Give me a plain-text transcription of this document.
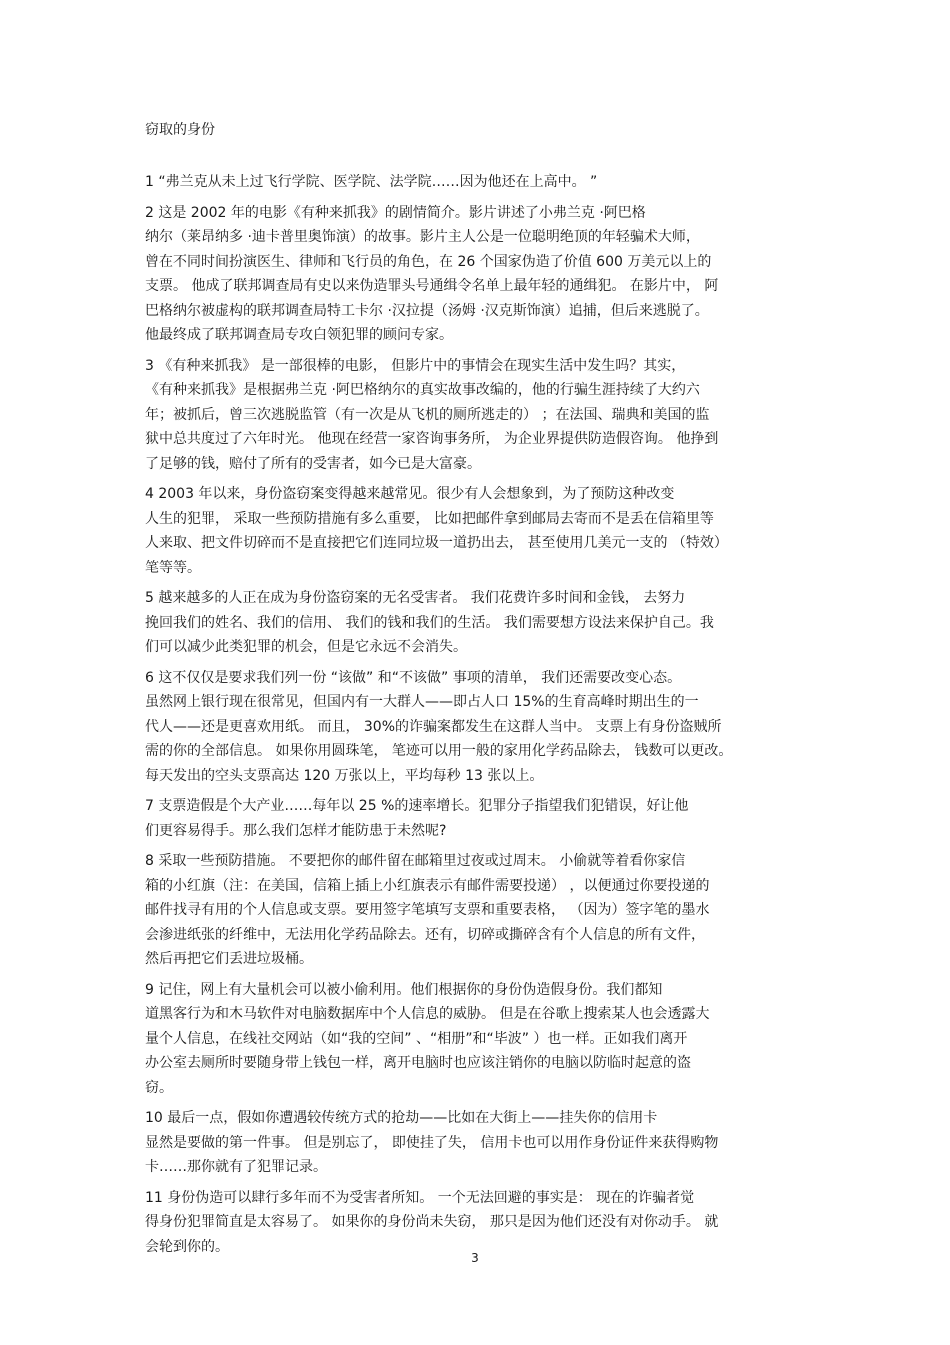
窃取的身份
1 “弗兰克从未上过飞行学院、医学院、法学院……因为他还在上高中。 ”
2 这是 2002 年的电影《有种来抓我》的剧情简介。影片讲述了小弗兰克 ·阿巴格
纳尔（莱昂纳多 ·迪卡普里奥饰演）的故事。影片主人公是一位聪明绝顶的年轻骗术大师，
曾在不同时间扮演医生、律师和飞行员的角色，在 26 个国家伪造了价值 600 万美元以上的
支票。 他成了联邦调查局有史以来伪造罪头号通缉令名单上最年轻的通缉犯。 在影片中， 阿
巴格纳尔被虚构的联邦调查局特工卡尔 ·汉拉提（汤姆 ·汉克斯饰演）追捕，但后来逃脱了。
他最终成了联邦调查局专攻白领犯罪的顾问专家。
3 《有种来抓我》 是一部很棒的电影， 但影片中的事情会在现实生活中发生吗？其实，
《有种来抓我》是根据弗兰克 ·阿巴格纳尔的真实故事改编的，他的行骗生涯持续了大约六
年；被抓后，曾三次逃脱监管（有一次是从飞机的厕所逃走的） ；在法国、瑞典和美国的监
狱中总共度过了六年时光。 他现在经营一家咨询事务所， 为企业界提供防造假咨询。 他挣到
了足够的钱，赔付了所有的受害者，如今已是大富豪。
4 2003 年以来，身份盗窃案变得越来越常见。很少有人会想象到，为了预防这种改变
人生的犯罪， 采取一些预防措施有多么重要， 比如把邮件拿到邮局去寄而不是丢在信箱里等
人来取、把文件切碎而不是直接把它们连同垃圾一道扔出去， 甚至使用几美元一支的 （特效）
笔等等。
5 越来越多的人正在成为身份盗窃案的无名受害者。 我们花费许多时间和金钱， 去努力
挽回我们的姓名、我们的信用、 我们的钱和我们的生活。 我们需要想方设法来保护自己。我
们可以减少此类犯罪的机会，但是它永远不会消失。
6 这不仅仅是要求我们列一份 “该做” 和“不该做” 事项的清单， 我们还需要改变心态。
虽然网上银行现在很常见，但国内有一大群人——即占人口 15%的生育高峰时期出生的一
代人——还是更喜欢用纸。 而且， 30%的诈骗案都发生在这群人当中。 支票上有身份盗贼所
需的你的全部信息。 如果你用圆珠笔， 笔迹可以用一般的家用化学药品除去， 钱数可以更改。
每天发出的空头支票高达 120 万张以上，平均每秒 13 张以上。
7 支票造假是个大产业……每年以 25 %的速率增长。犯罪分子指望我们犯错误，好让他
们更容易得手。那么我们怎样才能防患于未然呢?
8 采取一些预防措施。 不要把你的邮件留在邮箱里过夜或过周末。 小偷就等着看你家信
箱的小红旗（注：在美国，信箱上插上小红旗表示有邮件需要投递） ，以便通过你要投递的
邮件找寻有用的个人信息或支票。要用签字笔填写支票和重要表格， （因为）签字笔的墨水
会渗进纸张的纤维中，无法用化学药品除去。还有，切碎或撕碎含有个人信息的所有文件，
然后再把它们丢进垃圾桶。
9 记住，网上有大量机会可以被小偷利用。他们根据你的身份伪造假身份。我们都知
道黑客行为和木马软件对电脑数据库中个人信息的威胁。 但是在谷歌上搜索某人也会透露大
量个人信息，在线社交网站（如“我的空间” 、“相册”和“毕波” ）也一样。正如我们离开
办公室去厕所时要随身带上钱包一样，离开电脑时也应该注销你的电脑以防临时起意的盗
窃。
10 最后一点，假如你遭遇较传统方式的抢劫——比如在大街上——挂失你的信用卡
显然是要做的第一件事。 但是别忘了， 即使挂了失， 信用卡也可以用作身份证件来获得购物
卡……那你就有了犯罪记录。
11 身份伪造可以肆行多年而不为受害者所知。 一个无法回避的事实是： 现在的诈骗者觉
得身份犯罪简直是太容易了。 如果你的身份尚未失窃， 那只是因为他们还没有对你动手。 就
会轮到你的。
3
